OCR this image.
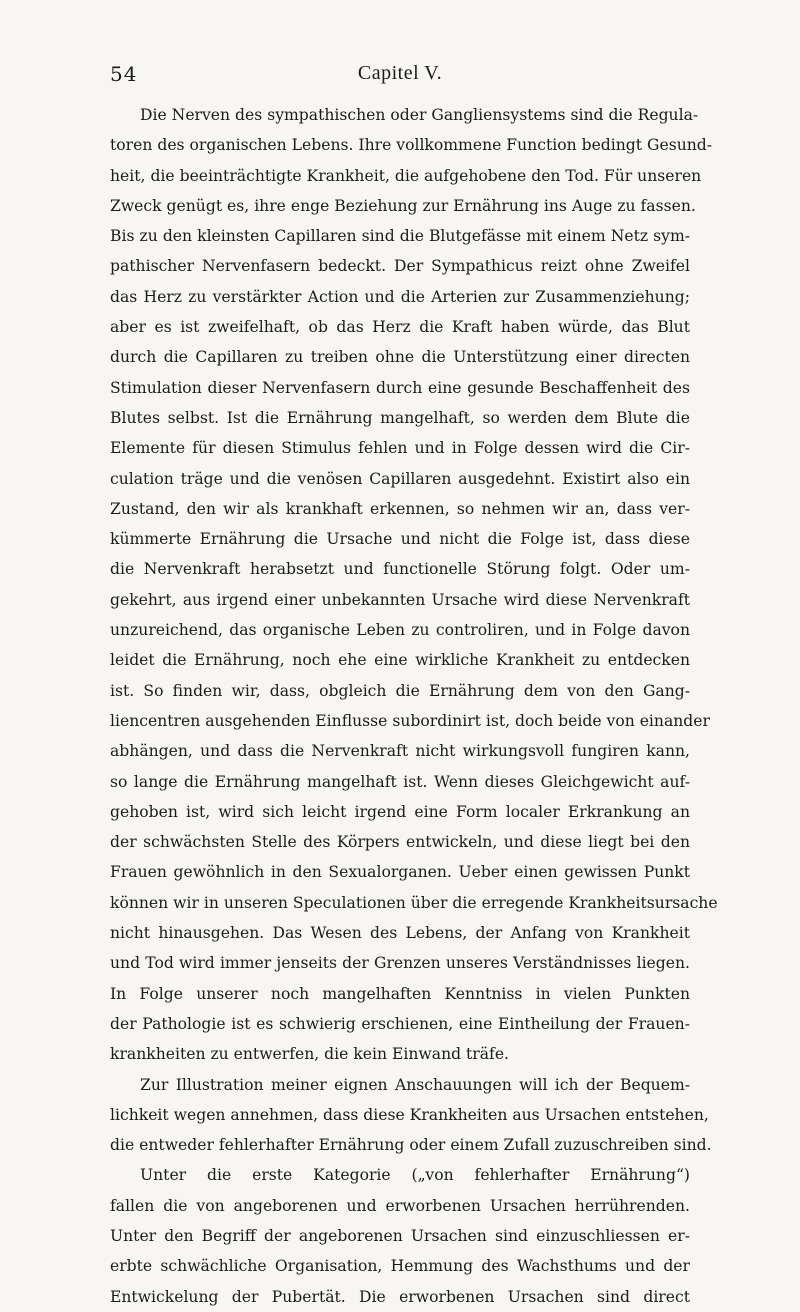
54	Capitel V.
Die Nerven des sympathischen oder Gangliensystems sind die Regula-
toren des organischen Lebens. Ihre vollkommene Function bedingt Gesund-
heit, die beeinträchtigte Krankheit, die aufgehobene den Tod. Für unseren
Zweck genügt es, ihre enge Beziehung zur Ernährung ins Auge zu fassen.
Bis zu den kleinsten Capillaren sind die Blutgefässe mit einem Netz sym-
pathischer Nervenfasern bedeckt. Der Sympathicus reizt ohne Zweifel
das Herz zu verstärkter Action und die Arterien zur Zusammenziehung;
aber es ist zweifelhaft, ob das Herz die Kraft haben würde, das Blut
durch die Capillaren zu treiben ohne die Unterstützung einer directen
Stimulation dieser Nervenfasern durch eine gesunde Beschaffenheit des
Blutes selbst. Ist die Ernährung mangelhaft, so werden dem Blute die
Elemente für diesen Stimulus fehlen und in Folge dessen wird die Cir-
culation träge und die venösen Capillaren ausgedehnt. Existirt also ein
Zustand, den wir als krankhaft erkennen, so nehmen wir an, dass ver-
kümmerte Ernährung die Ursache und nicht die Folge ist, dass diese
die Nervenkraft herabsetzt und functionelle Störung folgt. Oder um-
gekehrt, aus irgend einer unbekannten Ursache wird diese Nervenkraft
unzureichend, das organische Leben zu controliren, und in Folge davon
leidet die Ernährung, noch ehe eine wirkliche Krankheit zu entdecken
ist. So finden wir, dass, obgleich die Ernährung dem von den Gang-
liencentren ausgehenden Einflusse subordinirt ist, doch beide von einander
abhängen, und dass die Nervenkraft nicht wirkungsvoll fungiren kann,
so lange die Ernährung mangelhaft ist. Wenn dieses Gleichgewicht auf-
gehoben ist, wird sich leicht irgend eine Form localer Erkrankung an
der schwächsten Stelle des Körpers entwickeln, und diese liegt bei den
Frauen gewöhnlich in den Sexualorganen. Ueber einen gewissen Punkt
können wir in unseren Speculationen über die erregende Krankheitsursache
nicht hinausgehen. Das Wesen des Lebens, der Anfang von Krankheit
und Tod wird immer jenseits der Grenzen unseres Verständnisses liegen.
In Folge unserer noch mangelhaften Kenntniss in vielen Punkten
der Pathologie ist es schwierig erschienen, eine Eintheilung der Frauen-
krankheiten zu entwerfen, die kein Einwand träfe.
Zur Illustration meiner eignen Anschauungen will ich der Bequem-
lichkeit wegen annehmen, dass diese Krankheiten aus Ursachen entstehen,
die entweder fehlerhafter Ernährung oder einem Zufall zuzuschreiben sind.
Unter die erste Kategorie („von fehlerhafter Ernährung“)
fallen die von angeborenen und erworbenen Ursachen herrührenden.
Unter den Begriff der angeborenen Ursachen sind einzuschliessen er-
erbte schwächliche Organisation, Hemmung des Wachsthums und der
Entwickelung der Pubertät. Die erworbenen Ursachen sind direct
